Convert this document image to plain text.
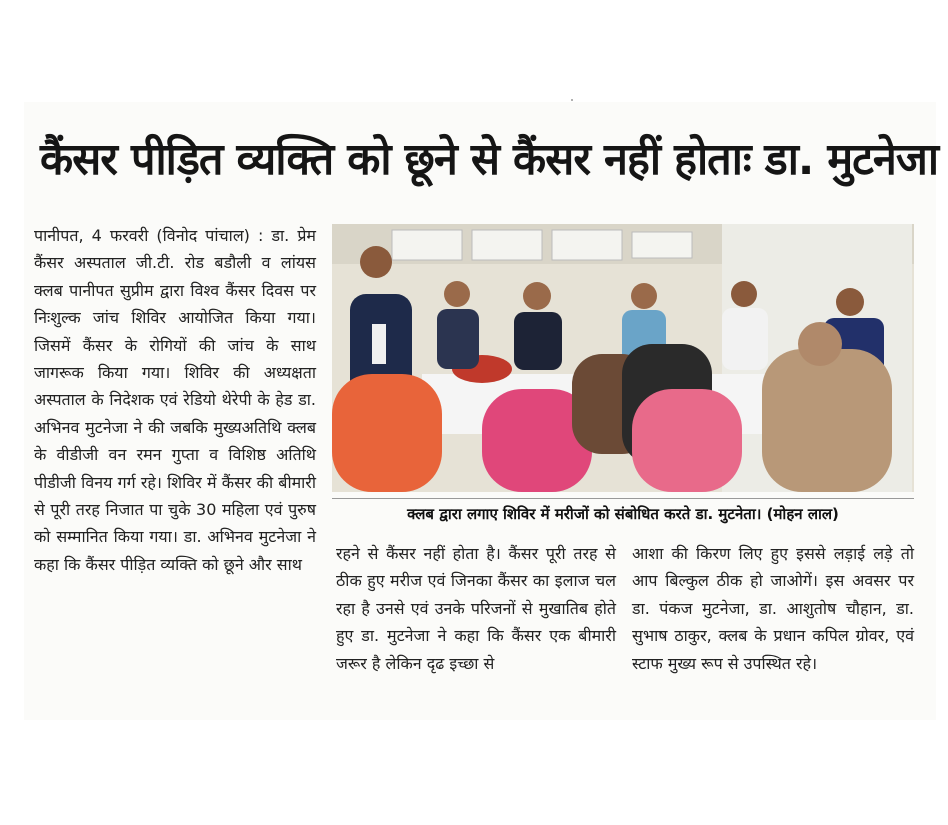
कैंसर पीड़ित व्यक्ति को छूने से कैंसर नहीं होताः डा. मुटनेजा

पानीपत, 4 फरवरी (विनोद पांचाल) : डा. प्रेम कैंसर अस्पताल जी.टी. रोड बडौली व लांयस क्लब पानीपत सुप्रीम द्वारा विश्व कैंसर दिवस पर निःशुल्क जांच शिविर आयोजित किया गया। जिसमें कैंसर के रोगियों की जांच के साथ जागरूक किया गया। शिविर की अध्यक्षता अस्पताल के निदेशक एवं रेडियो थेरेपी के हेड डा. अभिनव मुटनेजा ने की जबकि मुख्यअतिथि क्लब के वीडीजी वन रमन गुप्ता व विशिष्ठ अतिथि पीडीजी विनय गर्ग रहे। शिविर में कैंसर की बीमारी से पूरी तरह निजात पा चुके 30 महिला एवं पुरुष को सम्मानित किया गया। डा. अभिनव मुटनेजा ने कहा कि कैंसर पीड़ित व्यक्ति को छूने और साथ

क्लब द्वारा लगाए शिविर में मरीजों को संबोधित करते डा. मुटनेता। (मोहन लाल)

रहने से कैंसर नहीं होता है। कैंसर पूरी तरह से ठीक हुए मरीज एवं जिनका कैंसर का इलाज चल रहा है उनसे एवं उनके परिजनों से मुखातिब होते हुए डा. मुटनेजा ने कहा कि कैंसर एक बीमारी जरूर है लेकिन दृढ इच्छा से

आशा की किरण लिए हुए इससे लड़ाई लड़े तो आप बिल्कुल ठीक हो जाओगें। इस अवसर पर डा. पंकज मुटनेजा, डा. आशुतोष चौहान, डा. सुभाष ठाकुर, क्लब के प्रधान कपिल ग्रोवर, एवं स्टाफ मुख्य रूप से उपस्थित रहे।
